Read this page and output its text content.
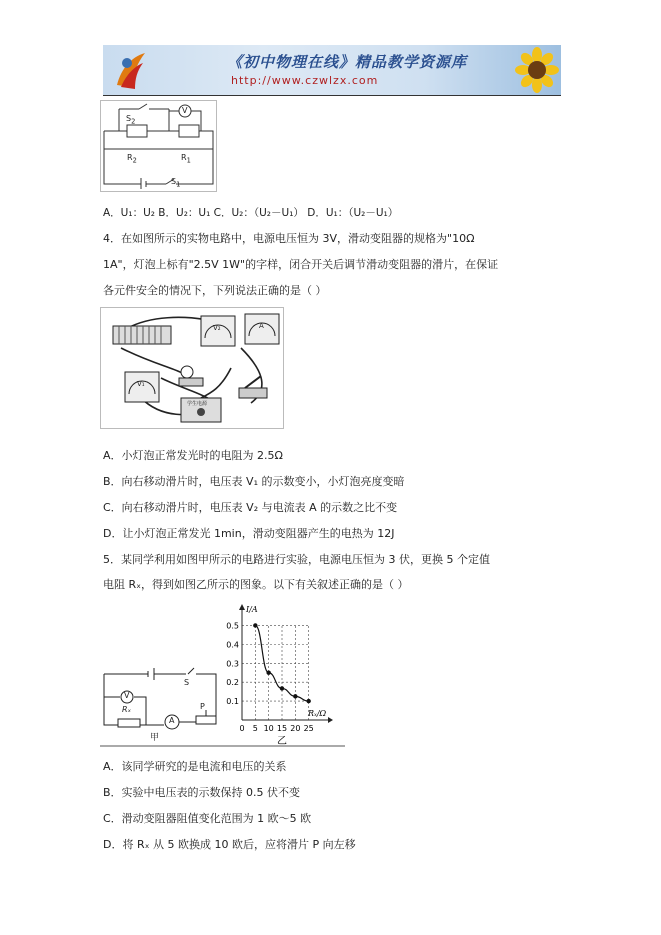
《初中物理在线》精品教学资源库
http://www.czwlzx.com
$S_2$
V
$R_2$	$R_1$
$S_1$
A．U₁：U₂ B．U₂：U₁ C．U₂：（U₂－U₁） D．U₁：（U₂－U₁）
4．在如图所示的实物电路中，电源电压恒为 3V，滑动变阻器的规格为"10Ω
1A"，灯泡上标有"2.5V 1W"的字样，闭合开关后调节滑动变阻器的滑片，在保证
各元件安全的情况下，下列说法正确的是（ ）
V₂	A
V₁
学生电源
A．小灯泡正常发光时的电阻为 2.5Ω
B．向右移动滑片时，电压表 V₁ 的示数变小，小灯泡亮度变暗
C．向右移动滑片时，电压表 V₂ 与电流表 A 的示数之比不变
D．让小灯泡正常发光 1min，滑动变阻器产生的电热为 12J
5．某同学利用如图甲所示的电路进行实验，电源电压恒为 3 伏，更换 5 个定值
电阻 Rₓ，得到如图乙所示的图象。以下有关叙述正确的是（ ）
S
V
A
P
Rₓ
甲
0 5 10 15 20 25
0.1
0.2
0.3
0.4
0.5
I/A
Rₓ/Ω
乙
A．该同学研究的是电流和电压的关系
B．实验中电压表的示数保持 0.5 伏不变
C．滑动变阻器阻值变化范围为 1 欧～5 欧
D．将 Rₓ 从 5 欧换成 10 欧后，应将滑片 P 向左移
